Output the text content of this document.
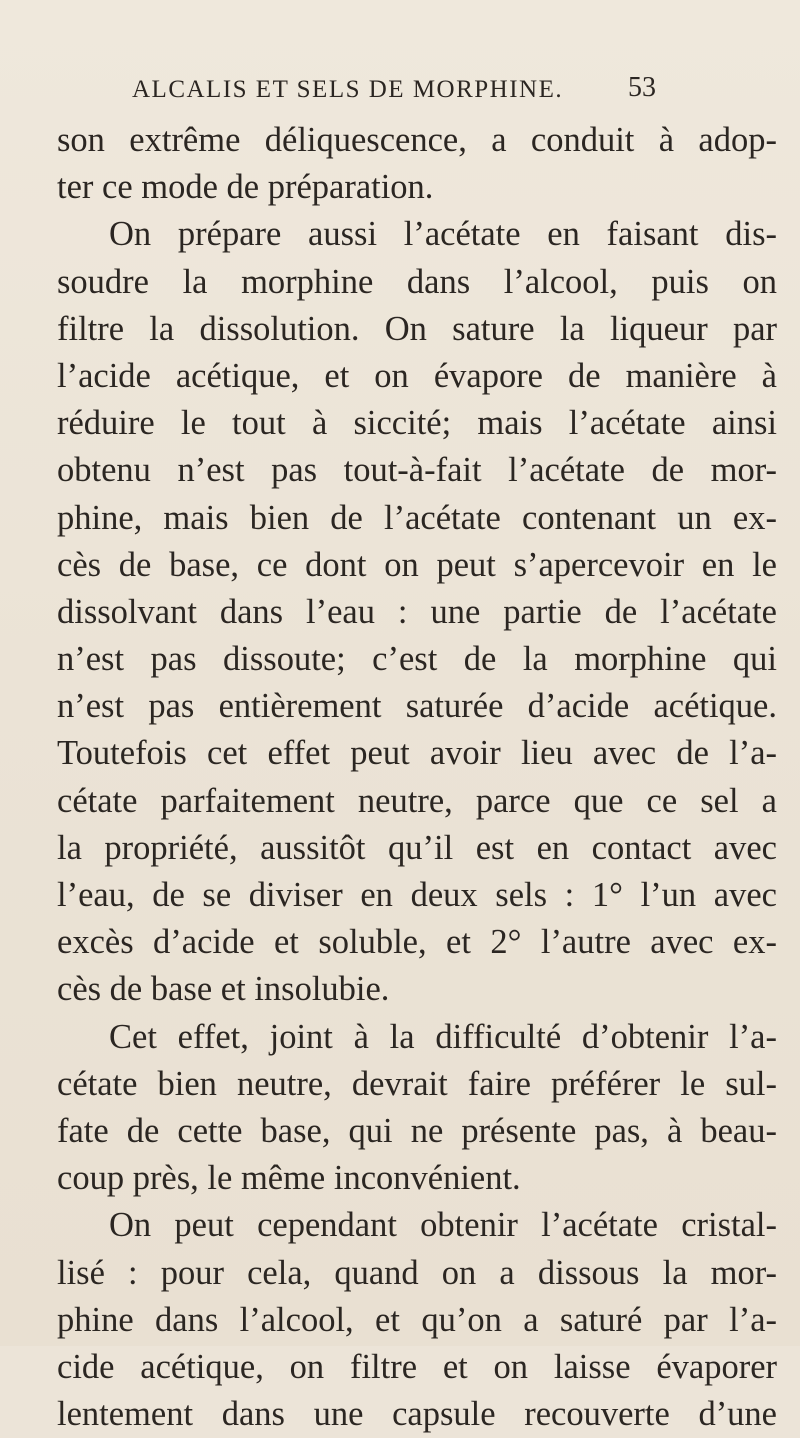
ALCALIS ET SELS DE MORPHINE. 53
son extrême déliquescence, a conduit à adop-
ter ce mode de préparation.
On prépare aussi l’acétate en faisant dis-
soudre la morphine dans l’alcool, puis on
filtre la dissolution. On sature la liqueur par
l’acide acétique, et on évapore de manière à
réduire le tout à siccité; mais l’acétate ainsi
obtenu n’est pas tout-à-fait l’acétate de mor-
phine, mais bien de l’acétate contenant un ex-
cès de base, ce dont on peut s’apercevoir en le
dissolvant dans l’eau : une partie de l’acétate
n’est pas dissoute; c’est de la morphine qui
n’est pas entièrement saturée d’acide acétique.
Toutefois cet effet peut avoir lieu avec de l’a-
cétate parfaitement neutre, parce que ce sel a
la propriété, aussitôt qu’il est en contact avec
l’eau, de se diviser en deux sels : 1° l’un avec
excès d’acide et soluble, et 2° l’autre avec ex-
cès de base et insolubie.
Cet effet, joint à la difficulté d’obtenir l’a-
cétate bien neutre, devrait faire préférer le sul-
fate de cette base, qui ne présente pas, à beau-
coup près, le même inconvénient.
On peut cependant obtenir l’acétate cristal-
lisé : pour cela, quand on a dissous la mor-
phine dans l’alcool, et qu’on a saturé par l’a-
cide acétique, on filtre et on laisse évaporer
lentement dans une capsule recouverte d’une
